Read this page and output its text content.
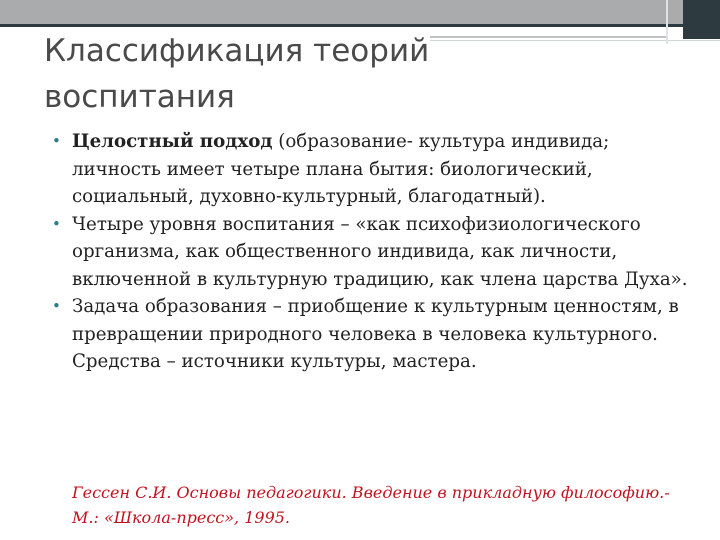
Классификация теорий
воспитания
• Целостный подход (образование- культура индивида; личность имеет четыре плана бытия: биологический, социальный, духовно-культурный, благодатный).
• Четыре уровня воспитания – «как психофизиологического организма, как общественного индивида, как личности, включенной в культурную традицию, как члена царства Духа».
• Задача образования – приобщение к культурным ценностям, в превращении природного человека в человека культурного. Средства – источники культуры, мастера.
Гессен С.И. Основы педагогики. Введение в прикладную философию.- М.: «Школа-пресс», 1995.
